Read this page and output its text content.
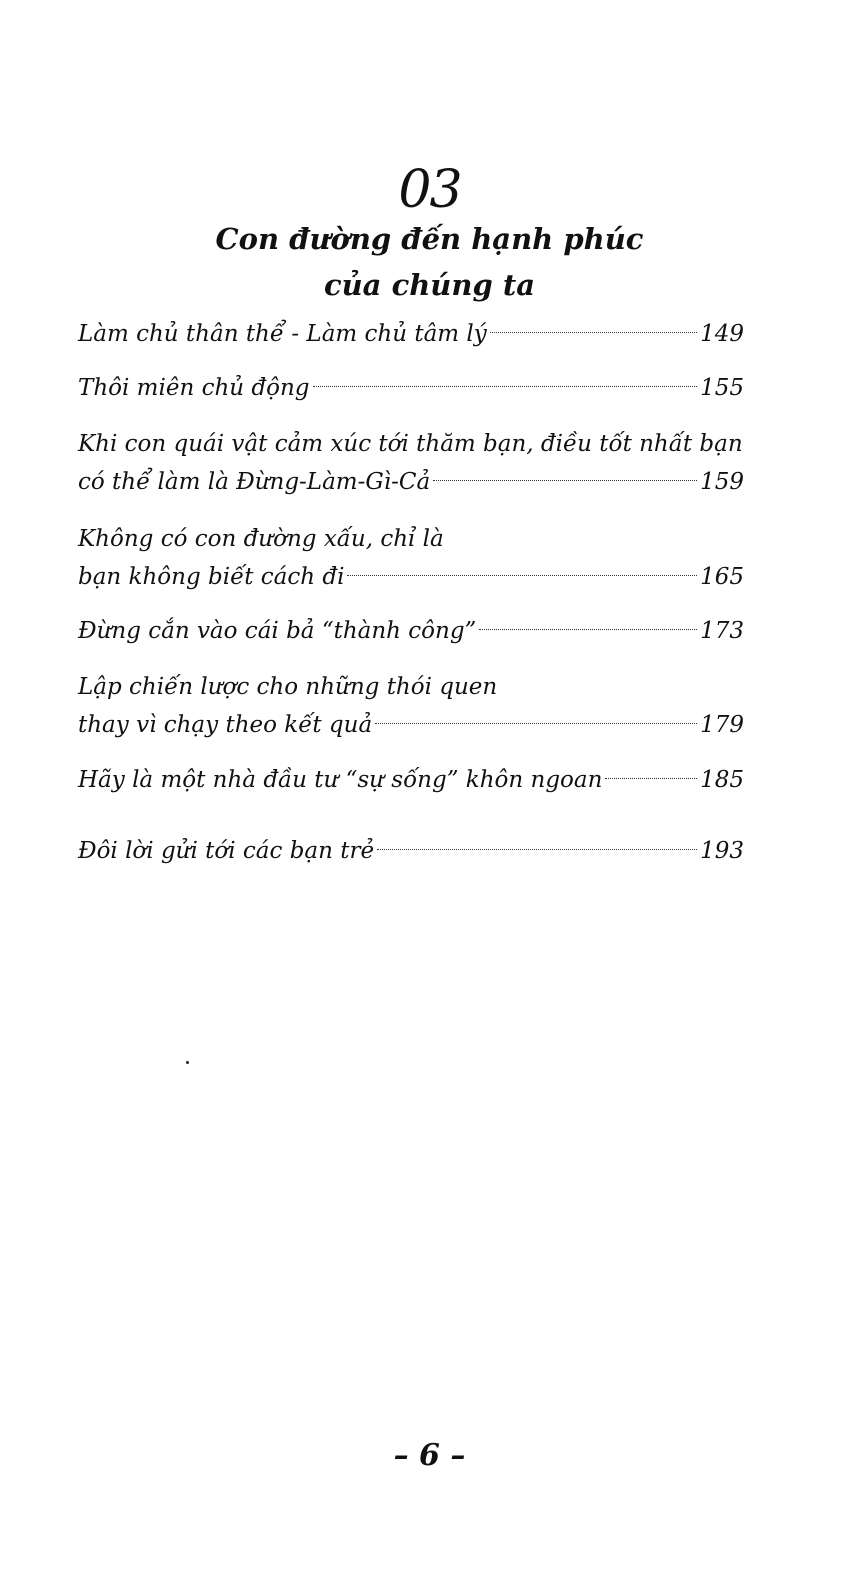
03
Con đường đến hạnh phúc
của chúng ta
Làm chủ thân thể - Làm chủ tâm lý	149
Thôi miên chủ động	155
Khi con quái vật cảm xúc tới thăm bạn, điều tốt nhất bạn
có thể làm là Đừng-Làm-Gì-Cả	159
Không có con đường xấu, chỉ là
bạn không biết cách đi	165
Đừng cắn vào cái bả “thành công”	173
Lập chiến lược cho những thói quen
thay vì chạy theo kết quả	179
Hãy là một nhà đầu tư “sự sống” khôn ngoan	185
Đôi lời gửi tới các bạn trẻ	193
– 6 –
